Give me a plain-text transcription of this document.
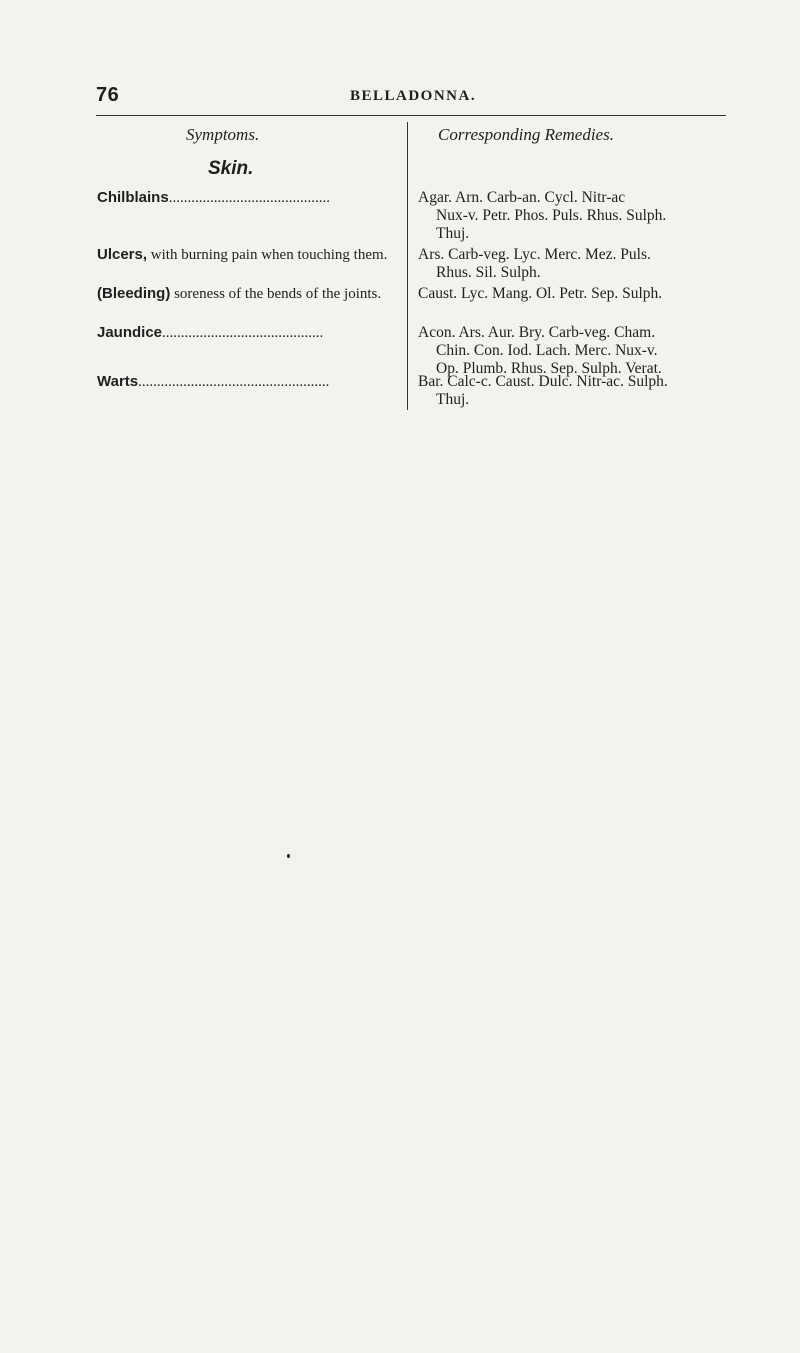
76	BELLADONNA.
Symptoms.	Corresponding Remedies.
Skin.
Chilblains...........................................	Agar. Arn. Carb-an. Cycl. Nitr-ac
Nux-v. Petr. Phos. Puls. Rhus. Sulph.
Thuj.
Ulcers, with burning pain when touching them.	Ars. Carb-veg. Lyc. Merc. Mez. Puls.
Rhus. Sil. Sulph.
(Bleeding) soreness of the bends of the joints.	Caust. Lyc. Mang. Ol. Petr. Sep. Sulph.
Jaundice...........................................	Acon. Ars. Aur. Bry. Carb-veg. Cham.
Chin. Con. Iod. Lach. Merc. Nux-v.
Op. Plumb. Rhus. Sep. Sulph. Verat.
Warts...................................................	Bar. Calc-c. Caust. Dulc. Nitr-ac. Sulph.
Thuj.
